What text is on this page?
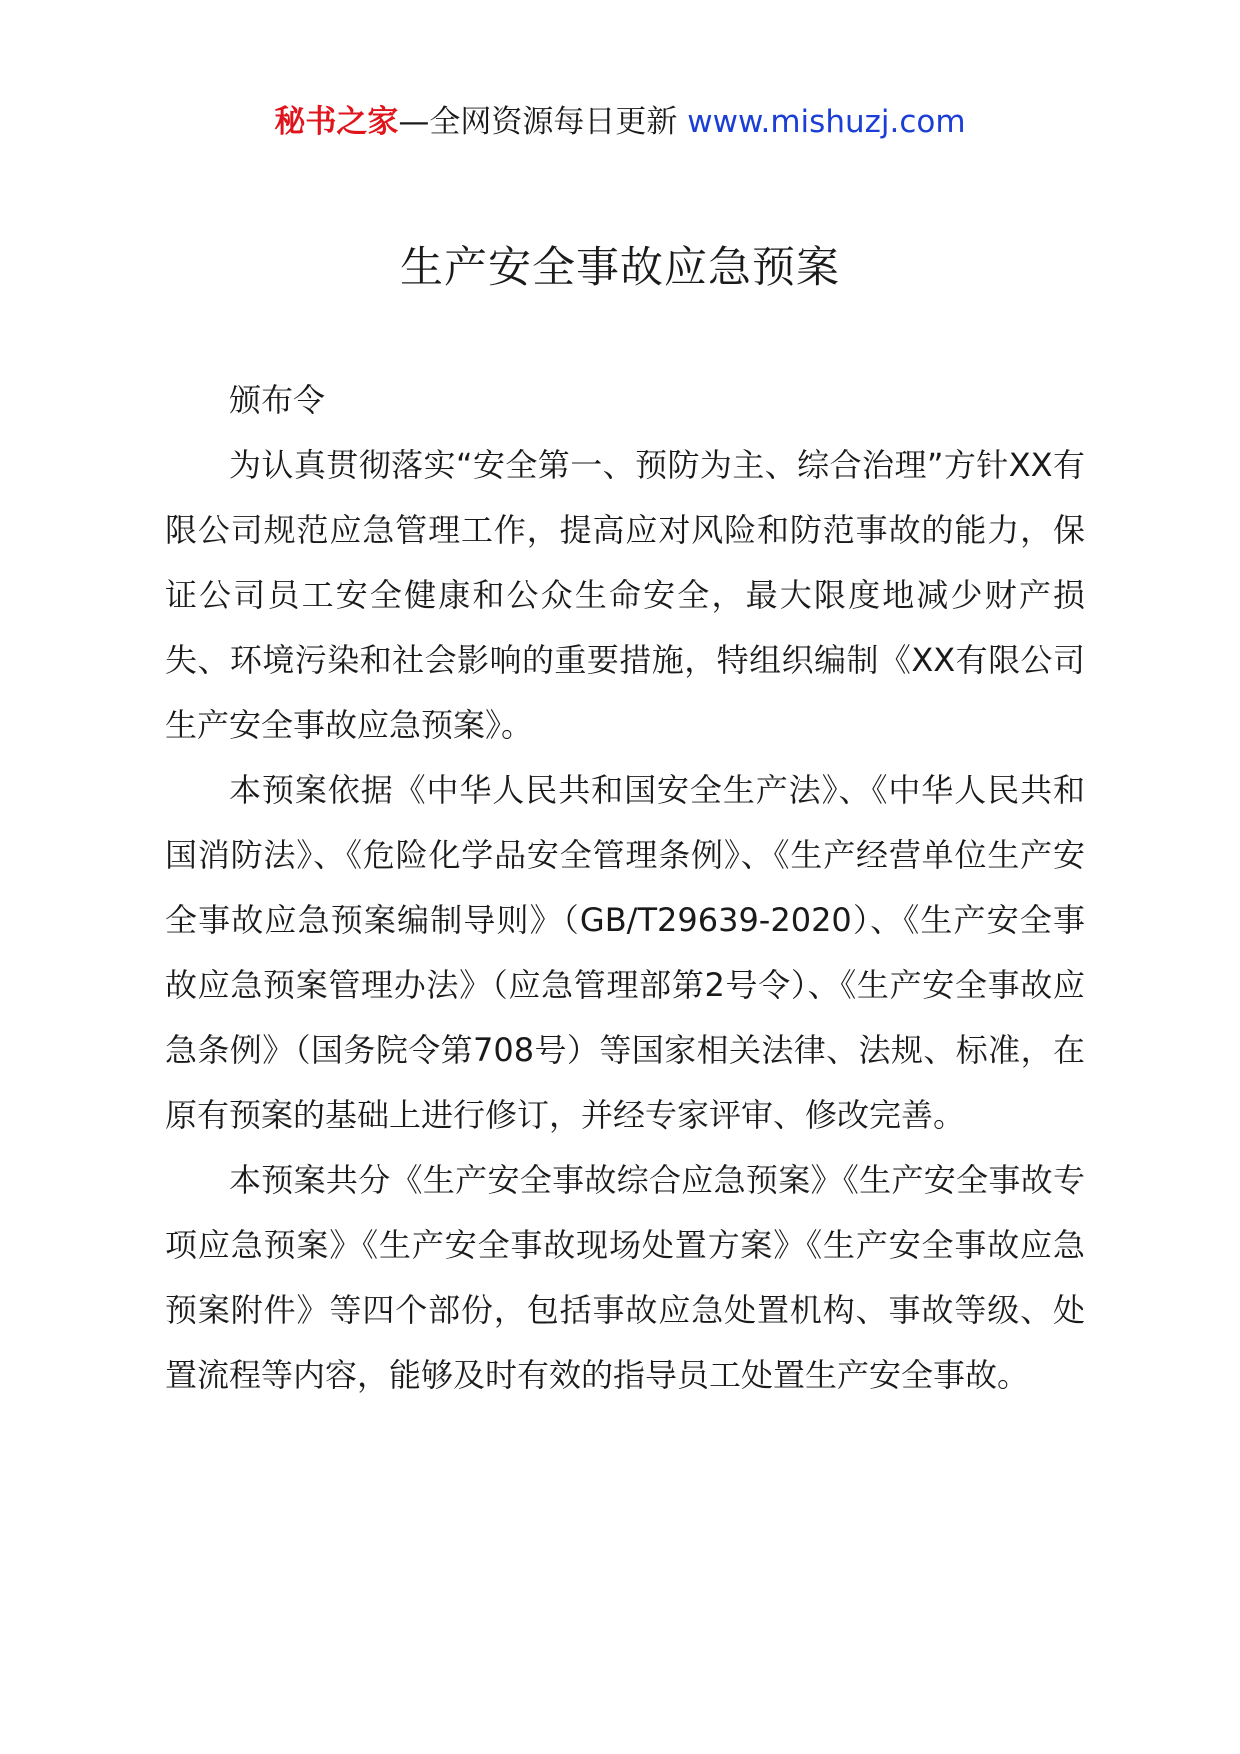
秘书之家—全网资源每日更新 www.mishuzj.com
生产安全事故应急预案

颁布令

为认真贯彻落实“安全第一、预防为主、综合治理”方针XX有限公司规范应急管理工作，提高应对风险和防范事故的能力，保证公司员工安全健康和公众生命安全，最大限度地减少财产损失、环境污染和社会影响的重要措施，特组织编制《XX有限公司生产安全事故应急预案》。

本预案依据《中华人民共和国安全生产法》、《中华人民共和国消防法》、《危险化学品安全管理条例》、《生产经营单位生产安全事故应急预案编制导则》（GB/T29639-2020）、《生产安全事故应急预案管理办法》（应急管理部第2号令）、《生产安全事故应急条例》（国务院令第708号）等国家相关法律、法规、标准，在原有预案的基础上进行修订，并经专家评审、修改完善。

本预案共分《生产安全事故综合应急预案》《生产安全事故专项应急预案》《生产安全事故现场处置方案》《生产安全事故应急预案附件》等四个部份，包括事故应急处置机构、事故等级、处置流程等内容，能够及时有效的指导员工处置生产安全事故。
